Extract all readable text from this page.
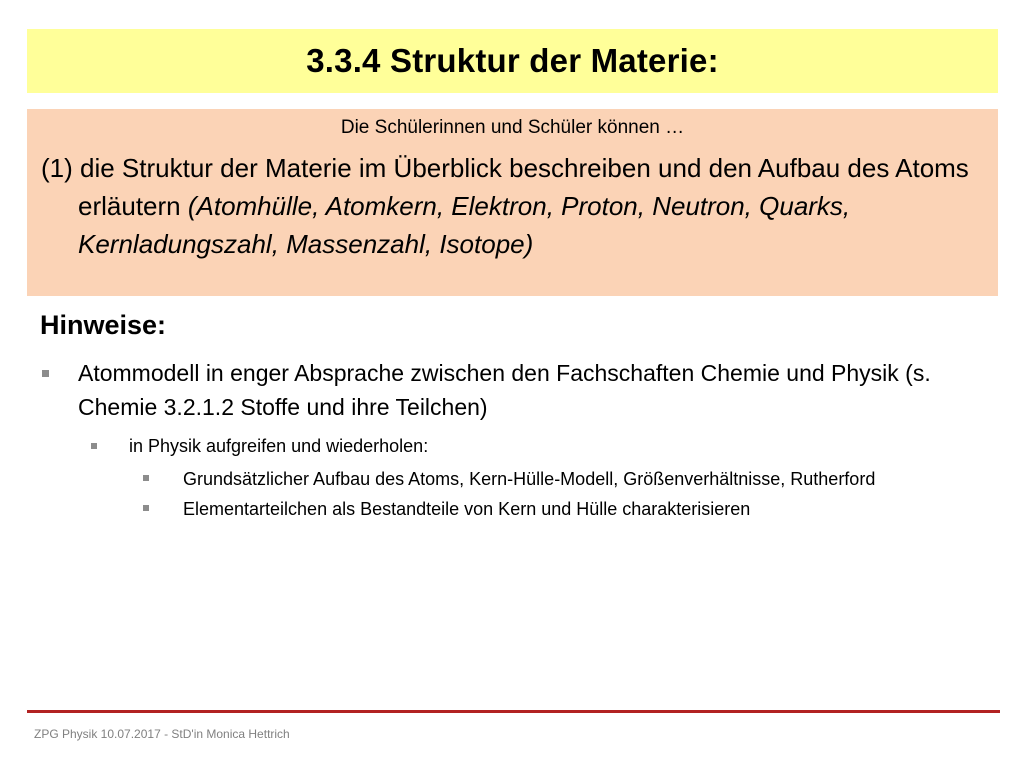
3.3.4 Struktur der Materie:

Die Schülerinnen und Schüler können …

(1) die Struktur der Materie im Überblick beschreiben und den Aufbau des Atoms erläutern (Atomhülle, Atomkern, Elektron, Proton, Neutron, Quarks, Kernladungszahl, Massenzahl, Isotope)

Hinweise:
Atommodell in enger Absprache zwischen den Fachschaften Chemie und Physik (s. Chemie 3.2.1.2 Stoffe und ihre Teilchen)
in Physik aufgreifen und wiederholen:
Grundsätzlicher Aufbau des Atoms, Kern-Hülle-Modell, Größenverhältnisse, Rutherford
Elementarteilchen als Bestandteile von Kern und Hülle charakterisieren
ZPG Physik 10.07.2017 - StD'in Monica Hettrich
